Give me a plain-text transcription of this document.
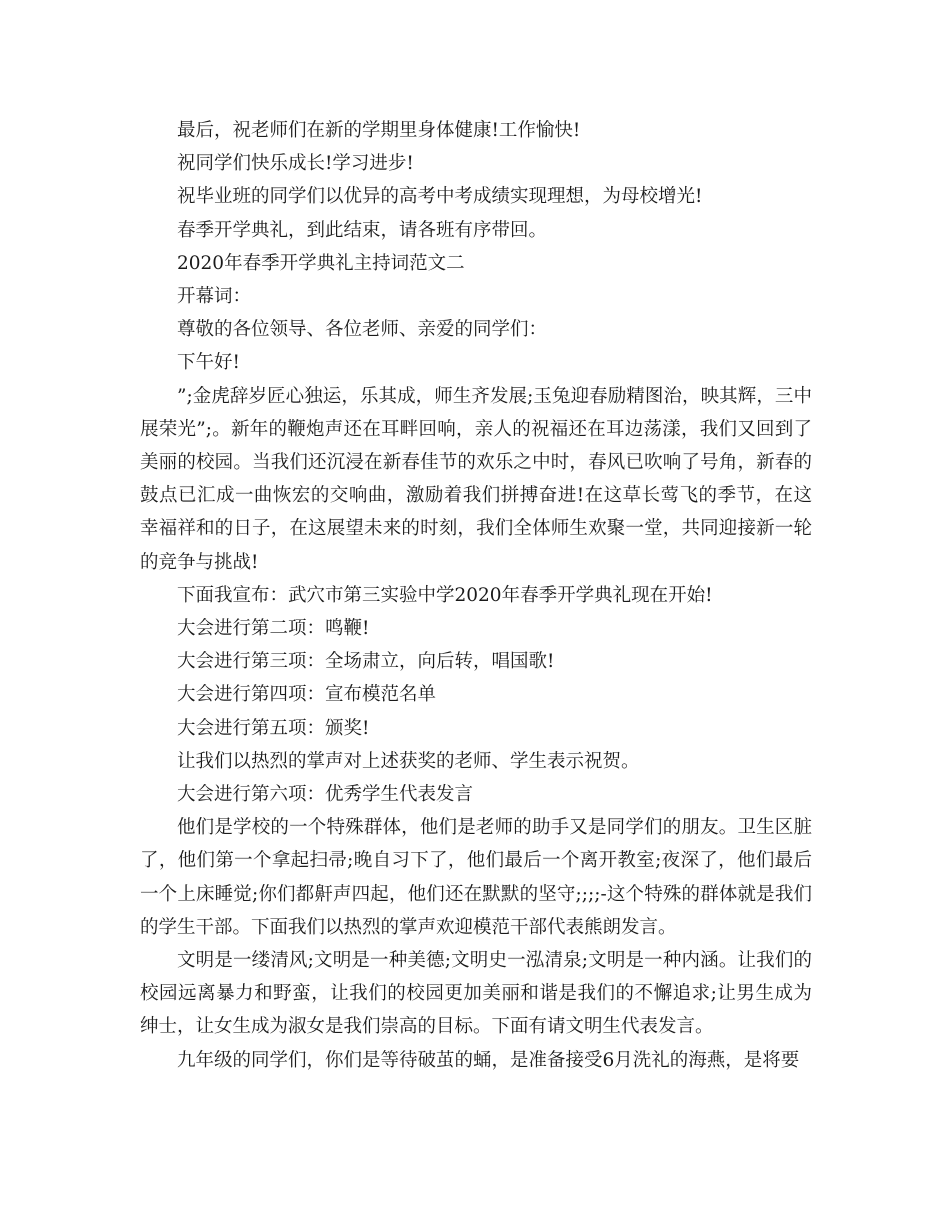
最后，祝老师们在新的学期里身体健康!工作愉快!

祝同学们快乐成长!学习进步!

祝毕业班的同学们以优异的高考中考成绩实现理想，为母校增光!

春季开学典礼，到此结束，请各班有序带回。

2020年春季开学典礼主持词范文二

开幕词：

尊敬的各位领导、各位老师、亲爱的同学们：

下午好!

”;金虎辞岁匠心独运，乐其成，师生齐发展;玉兔迎春励精图治，映其辉，三中展荣光”;。新年的鞭炮声还在耳畔回响，亲人的祝福还在耳边荡漾，我们又回到了美丽的校园。当我们还沉浸在新春佳节的欢乐之中时，春风已吹响了号角，新春的鼓点已汇成一曲恢宏的交响曲，激励着我们拼搏奋进!在这草长莺飞的季节，在这幸福祥和的日子，在这展望未来的时刻，我们全体师生欢聚一堂，共同迎接新一轮的竞争与挑战!

下面我宣布：武穴市第三实验中学2020年春季开学典礼现在开始!

大会进行第二项：鸣鞭!

大会进行第三项：全场肃立，向后转，唱国歌!

大会进行第四项：宣布模范名单

大会进行第五项：颁奖!

让我们以热烈的掌声对上述获奖的老师、学生表示祝贺。

大会进行第六项：优秀学生代表发言

他们是学校的一个特殊群体，他们是老师的助手又是同学们的朋友。卫生区脏了，他们第一个拿起扫帚;晚自习下了，他们最后一个离开教室;夜深了，他们最后一个上床睡觉;你们都鼾声四起，他们还在默默的坚守;;;;-这个特殊的群体就是我们的学生干部。下面我们以热烈的掌声欢迎模范干部代表熊朗发言。

文明是一缕清风;文明是一种美德;文明史一泓清泉;文明是一种内涵。让我们的校园远离暴力和野蛮，让我们的校园更加美丽和谐是我们的不懈追求;让男生成为绅士，让女生成为淑女是我们崇高的目标。下面有请文明生代表发言。

九年级的同学们，你们是等待破茧的蛹，是准备接受6月洗礼的海燕，是将要
